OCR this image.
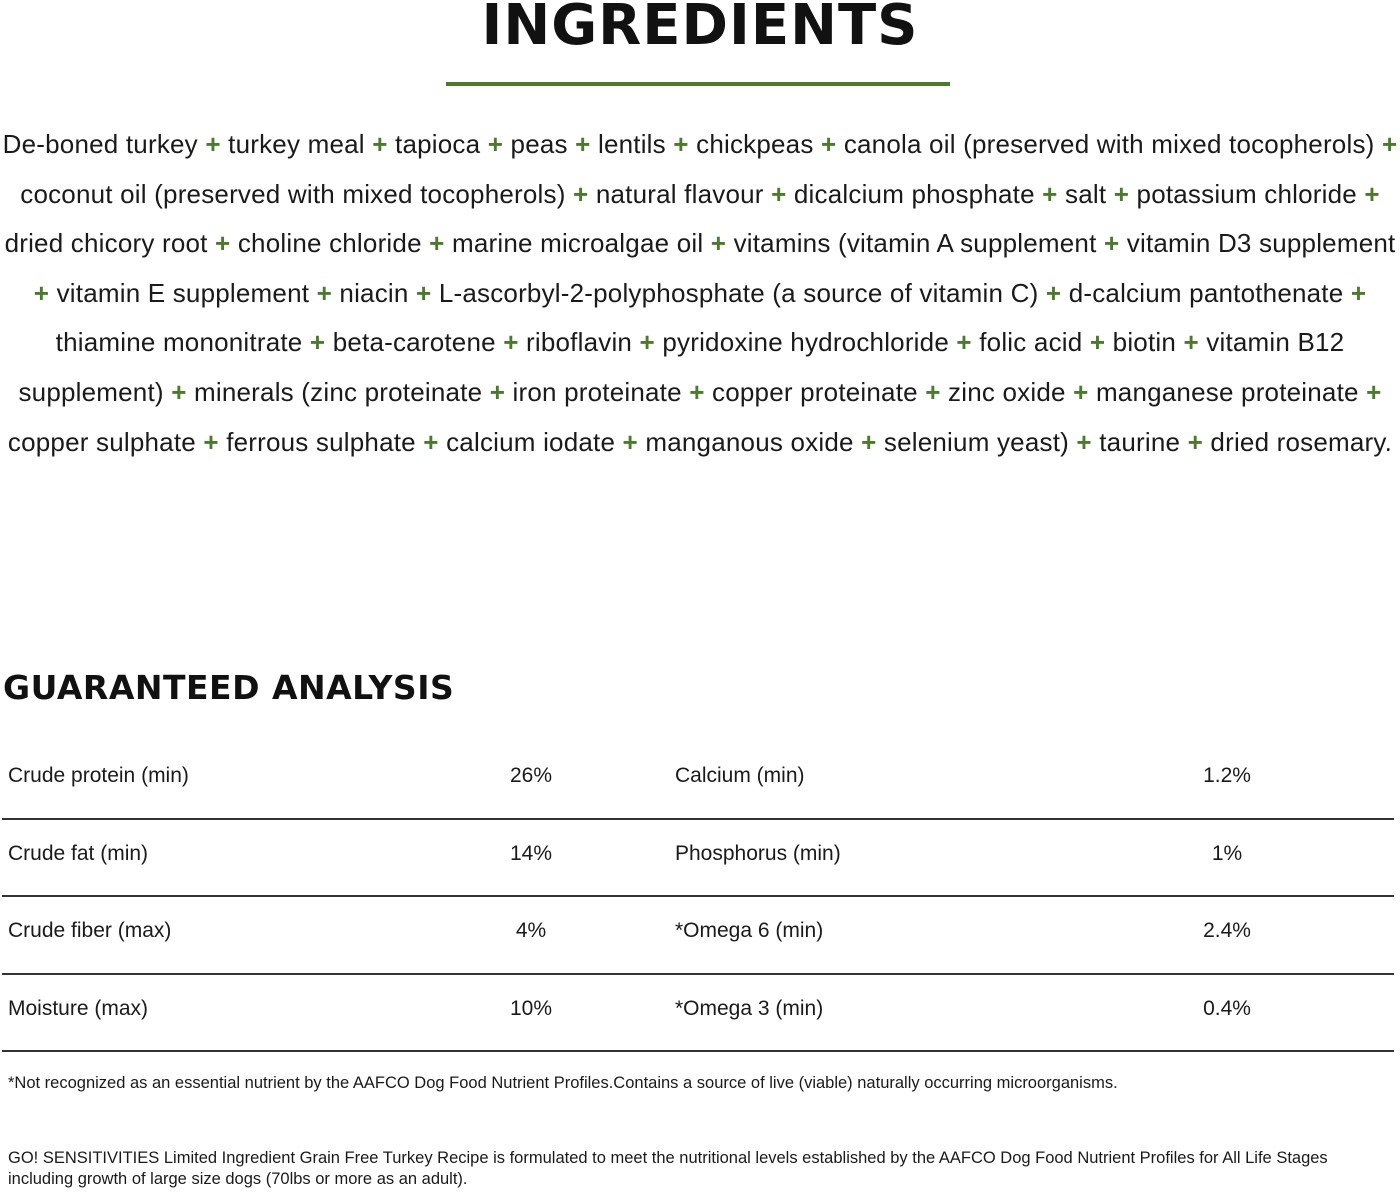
INGREDIENTS
De-boned turkey + turkey meal + tapioca + peas + lentils + chickpeas + canola oil (preserved with mixed tocopherols) + coconut oil (preserved with mixed tocopherols) + natural flavour + dicalcium phosphate + salt + potassium chloride + dried chicory root + choline chloride + marine microalgae oil + vitamins (vitamin A supplement + vitamin D3 supplement + vitamin E supplement + niacin + L-ascorbyl-2-polyphosphate (a source of vitamin C) + d-calcium pantothenate + thiamine mononitrate + beta-carotene + riboflavin + pyridoxine hydrochloride + folic acid + biotin + vitamin B12 supplement) + minerals (zinc proteinate + iron proteinate + copper proteinate + zinc oxide + manganese proteinate + copper sulphate + ferrous sulphate + calcium iodate + manganous oxide + selenium yeast) + taurine + dried rosemary.
GUARANTEED ANALYSIS
Crude protein (min)	26%	Calcium (min)	1.2%
Crude fat (min)	14%	Phosphorus (min)	1%
Crude fiber (max)	4%	*Omega 6 (min)	2.4%
Moisture (max)	10%	*Omega 3 (min)	0.4%
*Not recognized as an essential nutrient by the AAFCO Dog Food Nutrient Profiles.Contains a source of live (viable) naturally occurring microorganisms.
GO! SENSITIVITIES Limited Ingredient Grain Free Turkey Recipe is formulated to meet the nutritional levels established by the AAFCO Dog Food Nutrient Profiles for All Life Stages including growth of large size dogs (70lbs or more as an adult).
